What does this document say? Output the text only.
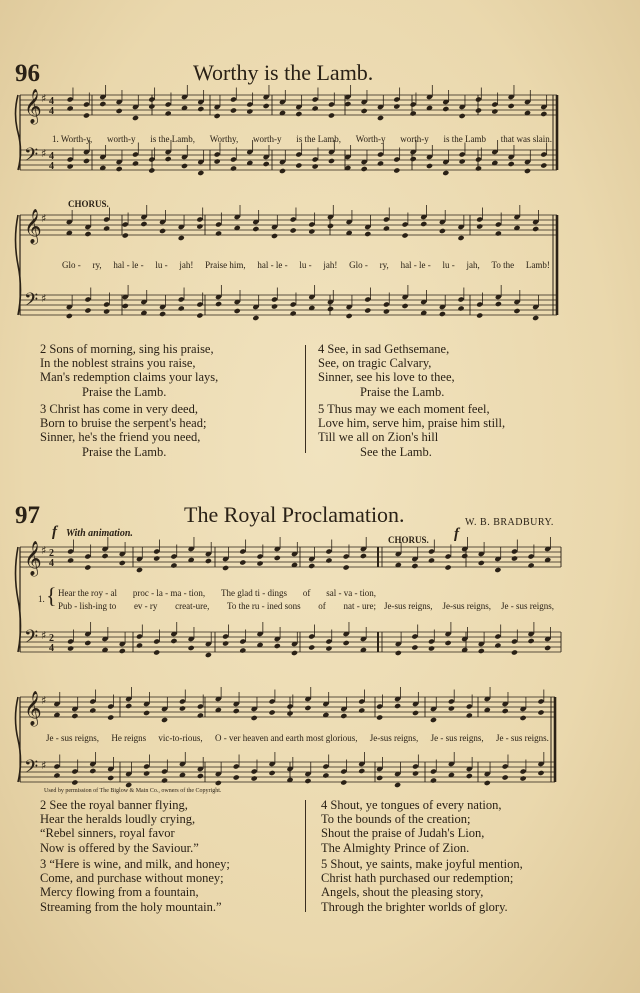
96	Worthy is the Lamb.
𝄞
𝄢
4
4
4
4
♯
♯
𝄞
𝄢
♯
♯
𝄞
𝄢
2
4
2
4
♯
♯
𝄞
𝄢
♯
♯
1. Worth-y, worth-y is the Lamb, Worthy, worth-y is the Lamb, Worth-y worth-y is the Lamb that was slain.
CHORUS.
Glo - ry, hal - le - lu - jah! Praise him, hal - le - lu - jah! Glo - ry, hal - le - lu - jah, To the Lamb!
2 Sons of morning, sing his praise,
In the noblest strains you raise,
Man's redemption claims your lays,
Praise the Lamb.
3 Christ has come in very deed,
Born to bruise the serpent's head;
Sinner, he's the friend you need,
Praise the Lamb.
4 See, in sad Gethsemane,
See, on tragic Calvary,
Sinner, see his love to thee,
Praise the Lamb.
5 Thus may we each moment feel,
Love him, serve him, praise him still,
Till we all on Zion's hill
See the Lamb.
97	The Royal Proclamation.	W. B. BRADBURY.
f With animation.
CHORUS. f
{
1.
Hear the roy - al proc - la - ma - tion, The glad ti - dings of sal - va - tion,
Pub - lish-ing to ev - ry creat-ure, To the ru - ined sons of nat - ure; Je-sus reigns, Je-sus reigns, Je - sus reigns,
Je - sus reigns, He reigns vic-to-rious, O - ver heaven and earth most glorious, Je-sus reigns, Je - sus reigns, Je - sus reigns.
Used by permission of The Biglow & Main Co., owners of the Copyright.
2 See the royal banner flying,
Hear the heralds loudly crying,
“Rebel sinners, royal favor
Now is offered by the Saviour.”
3 “Here is wine, and milk, and honey;
Come, and purchase without money;
Mercy flowing from a fountain,
Streaming from the holy mountain.”
4 Shout, ye tongues of every nation,
To the bounds of the creation;
Shout the praise of Judah's Lion,
The Almighty Prince of Zion.
5 Shout, ye saints, make joyful mention,
Christ hath purchased our redemption;
Angels, shout the pleasing story,
Through the brighter worlds of glory.
